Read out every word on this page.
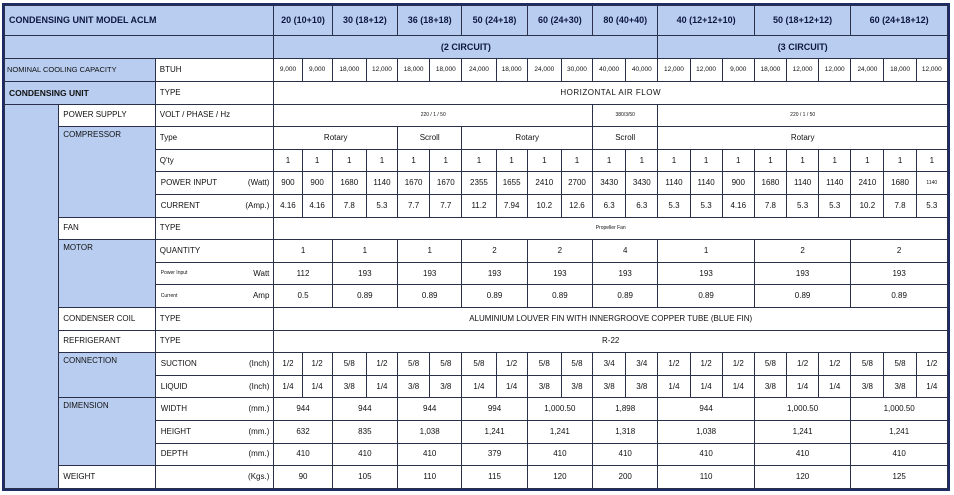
CONDENSING UNIT MODEL ACLM			20 (10+10)		30 (18+12)		36 (18+18)		50 (24+18)		60 (24+30)		80 (40+40)		40 (12+12+10)			50 (18+12+12)			60 (24+18+12)		
			(2 CIRCUIT)												(3 CIRCUIT)								
NOMINAL COOLING CAPACITY		BTUH	9,000	9,000	18,000	12,000	18,000	18,000	24,000	18,000	24,000	30,000	40,000	40,000	12,000	12,000	9,000	18,000	12,000	12,000	24,000	18,000	12,000
CONDENSING UNIT		TYPE	HORIZONTAL AIR FLOW																				
	POWER SUPPLY	VOLT / PHASE / Hz	220 / 1 / 50										380/3/50		220 / 1 / 50								
	COMPRESSOR	Type	Rotary				Scroll		Rotary				Scroll		Rotary								
		Q'ty	1	1	1	1	1	1	1	1	1	1	1	1	1	1	1	1	1	1	1	1	1

		POWER INPUT (Watt)	900	900	1680	1140	1670	1670	2355	1655	2410	2700	3430	3430	1140	1140	900	1680	1140	1140	2410	1680	1140

		CURRENT (Amp.)	4.16	4.16	7.8	5.3	7.7	7.7	11.2	7.94	10.2	12.6	6.3	6.3	5.3	5.3	4.16	7.8	5.3	5.3	10.2	7.8	5.3
	FAN	TYPE	Propeller Fan																				
	MOTOR	QUANTITY	1		1		1		2		2		4		1			2			2		

		Power Input Watt	112		193		193		193		193		193		193			193			193		

		Current Amp	0.5		0.89		0.89		0.89		0.89		0.89		0.89			0.89			0.89		
	CONDENSER COIL	TYPE	ALUMINIUM LOUVER FIN WITH INNERGROOVE COPPER TUBE (BLUE FIN)																				
	REFRIGERANT	TYPE	R-22																				
	CONNECTION	SUCTION (Inch)	1/2	1/2	5/8	1/2	5/8	5/8	5/8	1/2	5/8	5/8	3/4	3/4	1/2	1/2	1/2	5/8	1/2	1/2	5/8	5/8	1/2

		LIQUID (Inch)	1/4	1/4	3/8	1/4	3/8	3/8	1/4	1/4	3/8	3/8	3/8	3/8	1/4	1/4	1/4	3/8	1/4	1/4	3/8	3/8	1/4
	DIMENSION	WIDTH (mm.)	944		944		944		994		1,000.50		1,898		944			1,000.50			1,000.50		

		HEIGHT (mm.)	632		835		1,038		1,241		1,241		1,318		1,038			1,241			1,241		

		DEPTH (mm.)	410		410		410		379		410		410		410			410			410		
	WEIGHT	(Kgs.)	90		105		110		115		120		200		110			120			125		
